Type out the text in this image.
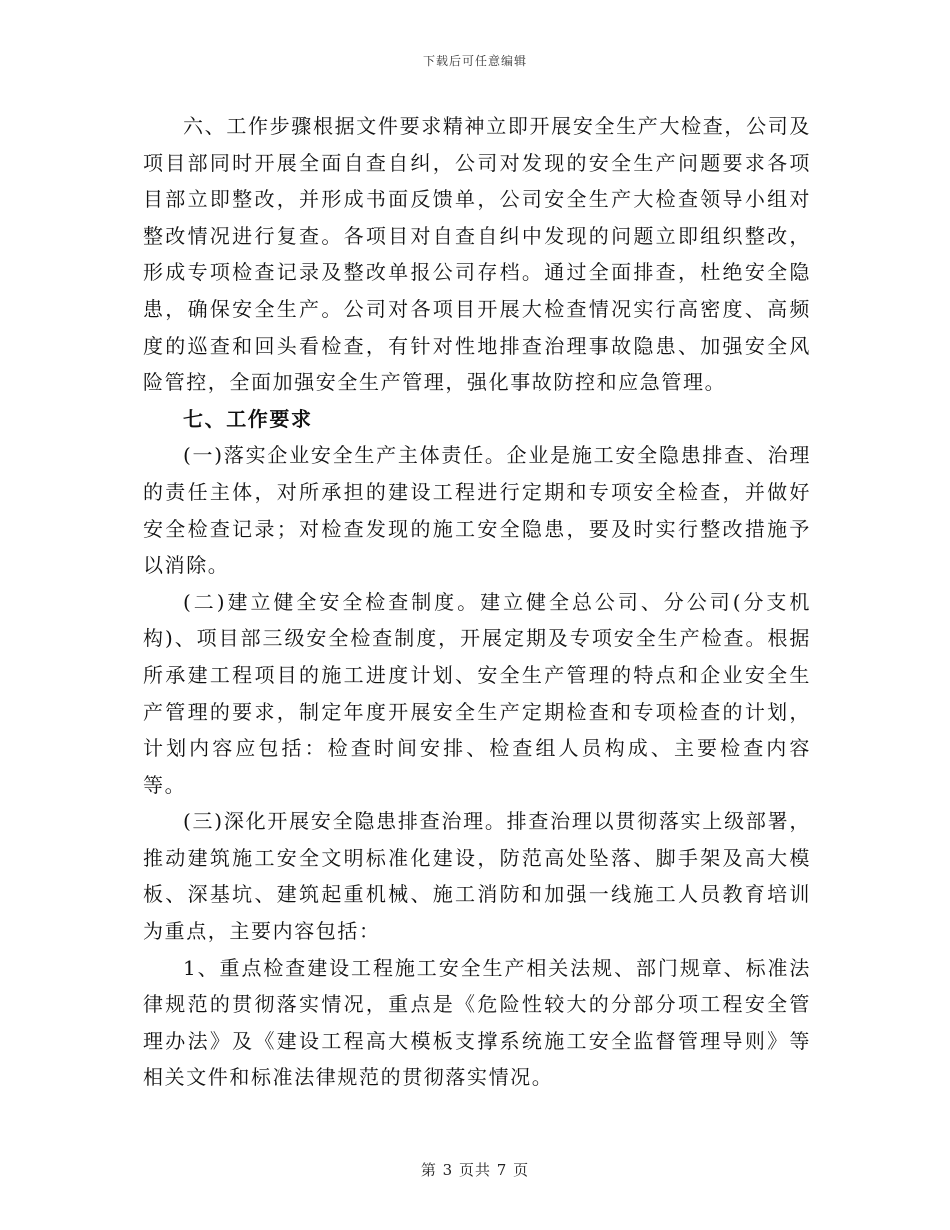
下载后可任意编辑

六、工作步骤根据文件要求精神立即开展安全生产大检查，公司及项目部同时开展全面自查自纠，公司对发现的安全生产问题要求各项目部立即整改，并形成书面反馈单，公司安全生产大检查领导小组对整改情况进行复查。各项目对自查自纠中发现的问题立即组织整改，形成专项检查记录及整改单报公司存档。通过全面排查，杜绝安全隐患，确保安全生产。公司对各项目开展大检查情况实行高密度、高频度的巡查和回头看检查，有针对性地排查治理事故隐患、加强安全风险管控，全面加强安全生产管理，强化事故防控和应急管理。

七、工作要求

(一)落实企业安全生产主体责任。企业是施工安全隐患排查、治理的责任主体，对所承担的建设工程进行定期和专项安全检查，并做好安全检查记录；对检查发现的施工安全隐患，要及时实行整改措施予以消除。

(二)建立健全安全检查制度。建立健全总公司、分公司(分支机构)、项目部三级安全检查制度，开展定期及专项安全生产检查。根据所承建工程项目的施工进度计划、安全生产管理的特点和企业安全生产管理的要求，制定年度开展安全生产定期检查和专项检查的计划，计划内容应包括：检查时间安排、检查组人员构成、主要检查内容等。

(三)深化开展安全隐患排查治理。排查治理以贯彻落实上级部署，推动建筑施工安全文明标准化建设，防范高处坠落、脚手架及高大模板、深基坑、建筑起重机械、施工消防和加强一线施工人员教育培训为重点，主要内容包括：

1、重点检查建设工程施工安全生产相关法规、部门规章、标准法律规范的贯彻落实情况，重点是《危险性较大的分部分项工程安全管理办法》及《建设工程高大模板支撑系统施工安全监督管理导则》等相关文件和标准法律规范的贯彻落实情况。

第 3 页共 7 页
